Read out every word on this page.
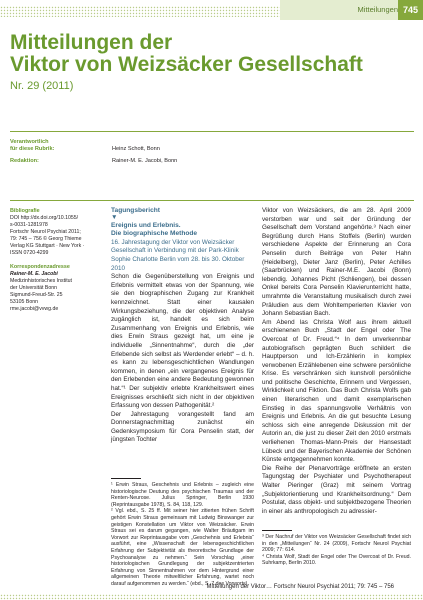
Mitteilungen 745
Mitteilungen der
Viktor von Weizsäcker Gesellschaft
Nr. 29 (2011)
Verantwortlich
für diese Rubrik:	Heinz Schott, Bonn
Redaktion:	Rainer-M. E. Jacobi, Bonn
Bibliografie
DOI http://dx.doi.org/10.1055/
s-0031-1281978
Fortschr Neurol Psychiat 2011;
79: 745 – 756 © Georg Thieme
Verlag KG Stuttgart · New York ·
ISSN 0720-4299
Korrespondenzadresse
Rainer-M. E. Jacobi
Medizinhistorisches Institut
der Universität Bonn
Sigmund-Freud-Str. 25
53105 Bonn
rme.jacobi@vvwg.de
Tagungsbericht
▼
Ereignis und Erlebnis.
Die biographische Methode
16. Jahrestagung der Viktor von Weizsäcker Gesellschaft in Verbindung mit der Park-Klinik Sophie Charlotte Berlin vom 28. bis 30. Oktober 2010
Schon die Gegenüberstellung von Ereignis und Erlebnis vermittelt etwas von der Spannung, wie sie den biographischen Zugang zur Krankheit kennzeichnet. Statt einer kausalen Wirkungsbeziehung, die der objektiven Analyse zugänglich ist, handelt es sich beim Zusammenhang von Ereignis und Erlebnis, wie dies Erwin Straus gezeigt hat, um eine je individuelle „Sinnentnahme“, durch die „der Erlebende sich selbst als Werdender erlebt“ – d. h. es kann zu lebensgeschichtlichen Wandlungen kommen, in denen „ein vergangenes Ereignis für den Erlebenden eine andere Bedeutung gewonnen hat.“¹ Der subjektiv erlebte Krankheitswert eines Ereignisses erschließt sich nicht in der objektiven Erfassung von dessen Pathogenität.²
Der Jahrestagung vorangestellt fand am Donnerstagnachmittag zunächst ein Gedenksymposium für Cora Penselin statt, der jüngsten Tochter
¹ Erwin Straus, Geschehnis und Erlebnis – zugleich eine historiologische Deutung des psychischen Traumas und der Renten-Neurose. Julius Springer, Berlin 1930 (Reprintausgabe 1978), S. 84, 118, 129.
² Vgl. ebd., S. 25 ff. Mit seiner hier zitierten frühen Schrift gehört Erwin Straus gemeinsam mit Ludwig Binswanger zur geistigen Konstellation um Viktor von Weizsäcker. Erwin Straus sei es darum gegangen, wie Walter Bräutigam im Vorwort zur Reprintausgabe vom „Geschehnis und Erlebnis“ ausführt, eine „Wissenschaft der lebensgeschichtlichen Erfahrung der Subjektivität als theoretische Grundlage der Psychoanalyse zu nehmen.“ Sein Vorschlag „einer historiologischen Grundlegung der subjektzentrierten Erfahrung von Sinnentnahmen vor dem Hintergrund einer allgemeinen Theorie mitweltlicher Erfahrung, wartet noch darauf aufgenommen zu werden.“ (ebd., S. 7 des Vorworts).
Viktor von Weizsäckers, die am 28. April 2009 verstorben war und seit der Gründung der Gesellschaft dem Vorstand angehörte.³ Nach einer Begrüßung durch Hans Stoffels (Berlin) wurden verschiedene Aspekte der Erinnerung an Cora Penselin durch Beiträge von Peter Hahn (Heidelberg), Dieter Janz (Berlin), Peter Achilles (Saarbrücken) und Rainer-M.E. Jacobi (Bonn) lebendig. Johannes Picht (Schliengen), bei dessen Onkel bereits Cora Penselin Klavierunterricht hatte, umrahmte die Veranstaltung musikalisch durch zwei Präludien aus dem Wohltemperierten Klavier von Johann Sebastian Bach.
Am Abend las Christa Wolf aus ihrem aktuell erschienenen Buch „Stadt der Engel oder The Overcoat of Dr. Freud.“⁴ In dem unverkennbar autobiografisch geprägten Buch schildert die Hauptperson und Ich-Erzählerin in komplex verwobenen Erzählebenen eine schwere persönliche Krise. Es verschränken sich kunstvoll persönliche und politische Geschichte, Erinnern und Vergessen, Wirklichkeit und Fiktion. Das Buch Christa Wolfs gab einen literarischen und damit exemplarischen Einstieg in das spannungsvolle Verhältnis von Ereignis und Erlebnis. An die gut besuchte Lesung schloss sich eine anregende Diskussion mit der Autorin an, die just zu dieser Zeit den 2010 erstmals verliehenen Thomas-Mann-Preis der Hansestadt Lübeck und der Bayerischen Akademie der Schönen Künste entgegennehmen konnte.
Die Reihe der Plenarvorträge eröffnete an ersten Tagungstag der Psychiater und Psychotherapeut Walter Pieringer (Graz) mit seinem Vortrag „Subjektorientierung und Krankheitsordnung.“ Dem Postulat, dass objekt- und subjektbezogene Theorien in einer als anthropologisch zu adressier-
³ Der Nachruf der Viktor von Weizsäcker Gesellschaft findet sich in den „Mitteilungen“ Nr. 24 (2009), Fortschr Neurol Psychiat 2009; 77: 614.
⁴ Christa Wolf, Stadt der Engel oder The Overcoat of Dr. Freud. Suhrkamp, Berlin 2010.
Mitteilungen der Viktor… Fortschr Neurol Psychiat 2011; 79: 745 – 756
